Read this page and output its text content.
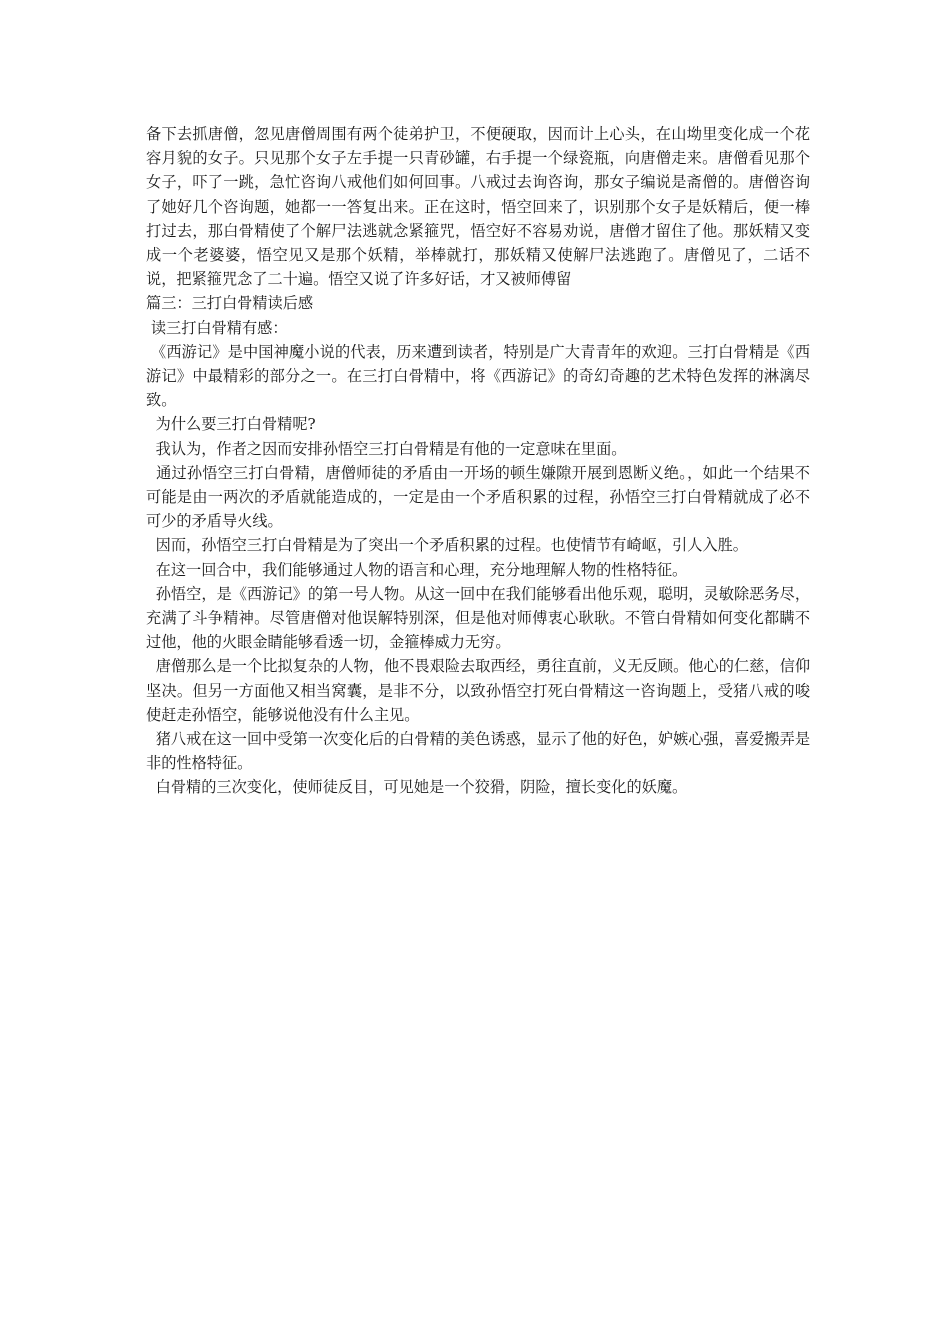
备下去抓唐僧，忽见唐僧周围有两个徒弟护卫，不便硬取，因而计上心头，在山坳里变化成一个花容月貌的女子。只见那个女子左手提一只青砂罐，右手提一个绿瓷瓶，向唐僧走来。唐僧看见那个女子，吓了一跳，急忙咨询八戒他们如何回事。八戒过去询咨询，那女子编说是斋僧的。唐僧咨询了她好几个咨询题，她都一一答复出来。正在这时，悟空回来了，识别那个女子是妖精后，便一棒打过去，那白骨精使了个解尸法逃就念紧箍咒，悟空好不容易劝说，唐僧才留住了他。那妖精又变成一个老婆婆，悟空见又是那个妖精，举棒就打，那妖精又使解尸法逃跑了。唐僧见了，二话不说，把紧箍咒念了二十遍。悟空又说了许多好话，才又被师傅留

篇三：三打白骨精读后感

读三打白骨精有感：

《西游记》是中国神魔小说的代表，历来遭到读者，特别是广大青青年的欢迎。三打白骨精是《西游记》中最精彩的部分之一。在三打白骨精中，将《西游记》的奇幻奇趣的艺术特色发挥的淋漓尽致。

为什么要三打白骨精呢?

我认为，作者之因而安排孙悟空三打白骨精是有他的一定意味在里面。

通过孙悟空三打白骨精，唐僧师徒的矛盾由一开场的顿生嫌隙开展到恩断义绝。，如此一个结果不可能是由一两次的矛盾就能造成的，一定是由一个矛盾积累的过程，孙悟空三打白骨精就成了必不可少的矛盾导火线。

因而，孙悟空三打白骨精是为了突出一个矛盾积累的过程。也使情节有崎岖，引人入胜。

在这一回合中，我们能够通过人物的语言和心理，充分地理解人物的性格特征。

孙悟空，是《西游记》的第一号人物。从这一回中在我们能够看出他乐观，聪明，灵敏除恶务尽，充满了斗争精神。尽管唐僧对他误解特别深，但是他对师傅衷心耿耿。不管白骨精如何变化都瞒不过他，他的火眼金睛能够看透一切，金箍棒威力无穷。

唐僧那么是一个比拟复杂的人物，他不畏艰险去取西经，勇往直前，义无反顾。他心的仁慈，信仰坚决。但另一方面他又相当窝囊，是非不分，以致孙悟空打死白骨精这一咨询题上，受猪八戒的唆使赶走孙悟空，能够说他没有什么主见。

猪八戒在这一回中受第一次变化后的白骨精的美色诱惑，显示了他的好色，妒嫉心强，喜爱搬弄是非的性格特征。

白骨精的三次变化，使师徒反目，可见她是一个狡猾，阴险，擅长变化的妖魔。
